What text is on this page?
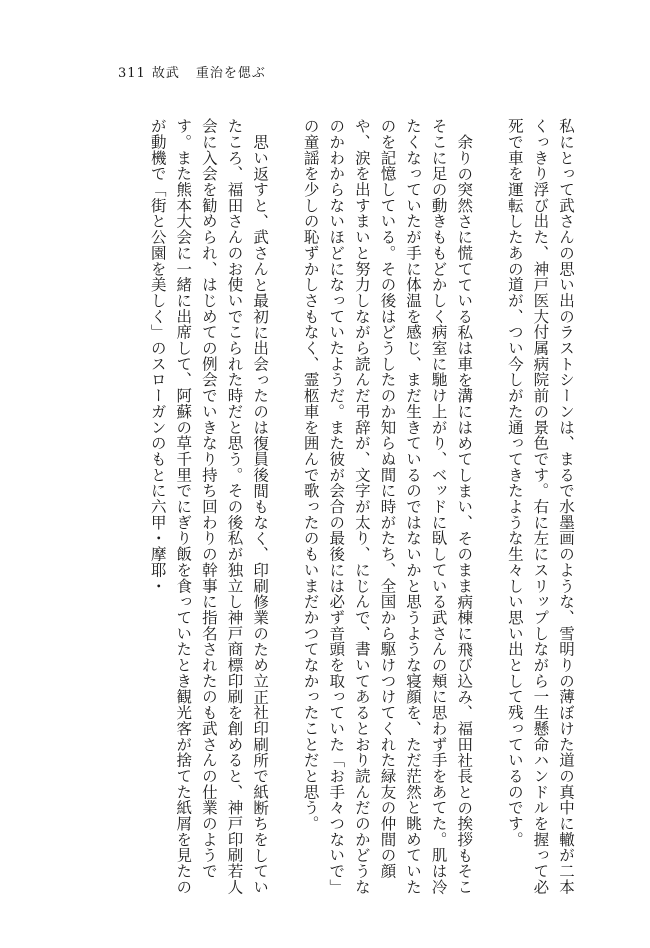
311 故武 重治を偲ぶ

私にとって武さんの思い出のラストシーンは、まるで水墨画のような、雪明りの薄ぼけた道の真中に轍が二本くっきり浮び出た、神戸医大付属病院前の景色です。右に左にスリップしながら一生懸命ハンドルを握って必死で車を運転したあの道が、つい今しがた通ってきたような生々しい思い出として残っているのです。

余りの突然さに慌てている私は車を溝にはめてしまい、そのまま病棟に飛び込み、福田社長との挨拶もそこそこに足の動きももどかしく病室に馳け上がり、ベッドに臥している武さんの頬に思わず手をあてた。肌は冷たくなっていたが手に体温を感じ、まだ生きているのではないかと思うような寝顔を、ただ茫然と眺めていたのを記憶している。その後はどうしたのか知らぬ間に時がたち、全国から駆けつけてくれた緑友の仲間の顔や、涙を出すまいと努力しながら読んだ弔辞が、文字が太り、にじんで、書いてあるとおり読んだのかどうなのかわからないほどになっていたようだ。また彼が会合の最後には必ず音頭を取っていた「お手々つないで」の童謡を少しの恥ずかしさもなく、霊柩車を囲んで歌ったのもいまだかつてなかったことだと思う。

思い返すと、武さんと最初に出会ったのは復員後間もなく、印刷修業のため立正社印刷所で紙断ちをしていたころ、福田さんのお使いでこられた時だと思う。その後私が独立し神戸商標印刷を創めると、神戸印刷若人会に入会を勧められ、はじめての例会でいきなり持ち回わりの幹事に指名されたのも武さんの仕業のようです。また熊本大会に一緒に出席して、阿蘇の草千里でにぎり飯を食っていたとき観光客が捨てた紙屑を見たのが動機で「街と公園を美しく」のスローガンのもとに六甲・摩耶・
